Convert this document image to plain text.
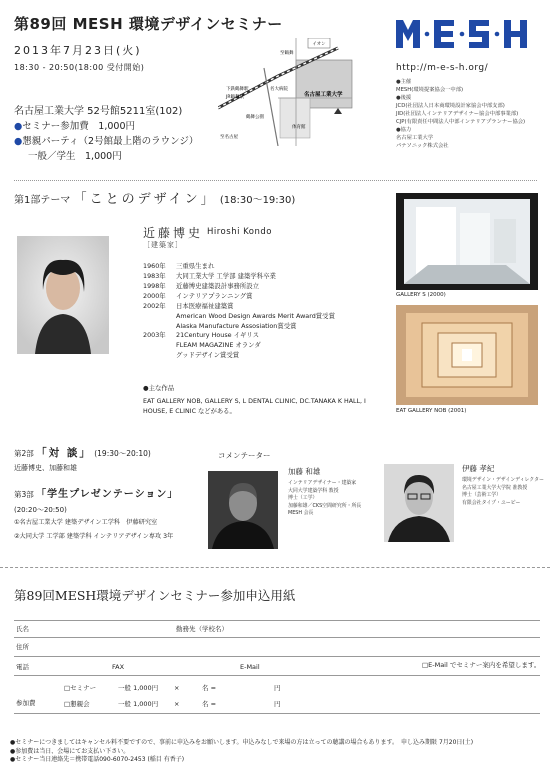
第89回 MESH 環境デザインセミナー
2013年7月23日(火)
18:30 - 20:50(18:00 受付開始)
名古屋工業大学 52号館5211室(102)
●セミナー参加費　1,000円
●懇親パーティ（2号館最上階のラウンジ）
一般／学生　1,000円
イオン
至鶴舞
下鉄鶴舞駅
JR鶴舞駅
名大病院
名古屋工業大学
鶴舞公園
体育館
至名古屋
http://m-e-s-h.org/
●主催
MESH(環境提案協会一中部)
●後援
JCD(社団法人日本商環境設計家協会中部支部)
JID(社団法人インテリアデザイナー協会中部事業部)
CJP(有限責任中間法人中部インテリアプランナー協会)
●協力
名古屋工業大学
パナソニック株式会社
第1部テーマ 「ことのデザイン」 (18:30～19:30)
近藤博史 Hiroshi Kondo
［建築家］
1960年	三重県生まれ
1983年	大同工業大学 工学部 建築学科卒業
1998年	近藤博史建築設計事務所設立
2000年	インテリアプランニング賞
2002年	日本医療福祉建築賞
American Wood Design Awards Merit Award賞受賞
Alaska Manufacture Assosiation賞受賞
2003年	21Century House イギリス
FLEAM MAGAZINE オランダ
グッドデザイン賞受賞
●主な作品
EAT GALLERY NOB, GALLERY S, L DENTAL CLINIC, DC.TANAKA K HALL, I HOUSE, E CLINIC などがある。
GALLERY S (2000)
EAT GALLERY NOB (2001)
第2部 「対 談」 (19:30～20:10)
近藤博史、加藤和雄
第3部 「学生プレゼンテーション」
(20:20～20:50)
①名古屋工業大学 建築デザイン工学科　伊藤研究室
②大同大学 工学部 建築学科 インテリアデザイン専攻 3年
コメンテーター
加藤 和雄
インテリアデザイナー・建築家
大同大学建築学科 教授
博士（工学）
加藤和雄／CKS空間研究所・所長
MESH 会長
伊藤 孝紀
環境デザイン・デザインディレクター
名古屋工業大学大学院 准教授
博士（芸術工学）
有限会社タイプ・ユーピー
第89回MESH環境デザインセミナー参加申込用紙
氏名	勤務先（学校名）
住所
電話	FAX	E-Mail	□E-Mail でセミナー案内を希望します。
参加費
□セミナー	一般 1,000円 ×	名 =	円
□懇親会	一般 1,000円 ×	名 =	円
●セミナーにつきましてはキャンセル料不要ですので、事前に申込みをお願いします。申込みなしで来場の方は立っての聴講の場合もあります。　申し込み期限 7月20日(土)
●参加費は当日、会場にてお支払い下さい。
●セミナー当日連絡先＝携帯電話090-6070-2453 (稲目 有香子)
